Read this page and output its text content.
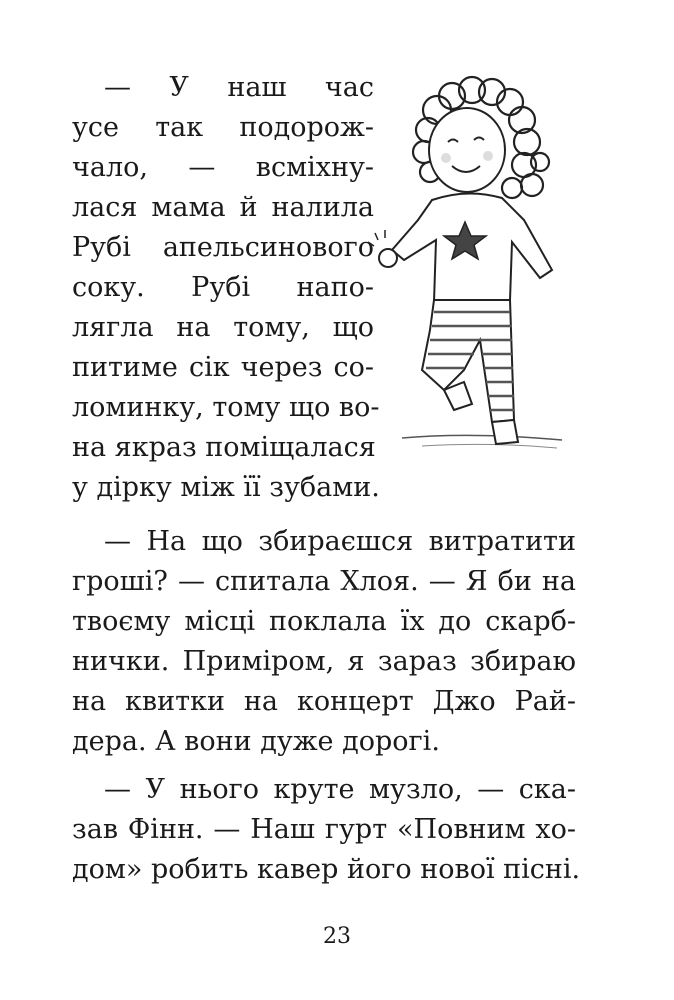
— У наш час
усе так подорож-
чало, — всміхну-
лася мама й налила
Рубі апельсинового
соку. Рубі напо-
лягла на тому, що
питиме сік через со-
ломинку, тому що во-
на якраз поміщалася
у дірку між її зубами.
— На що збираєшся витратити
гроші? — спитала Хлоя. — Я би на
твоєму місці поклала їх до скарб-
нички. Приміром, я зараз збираю
на квитки на концерт Джо Рай-
дера. А вони дуже дорогі.
— У нього круте музло, — ска-
зав Фінн. — Наш гурт «Повним хо-
дом» робить кавер його нової пісні.
23
